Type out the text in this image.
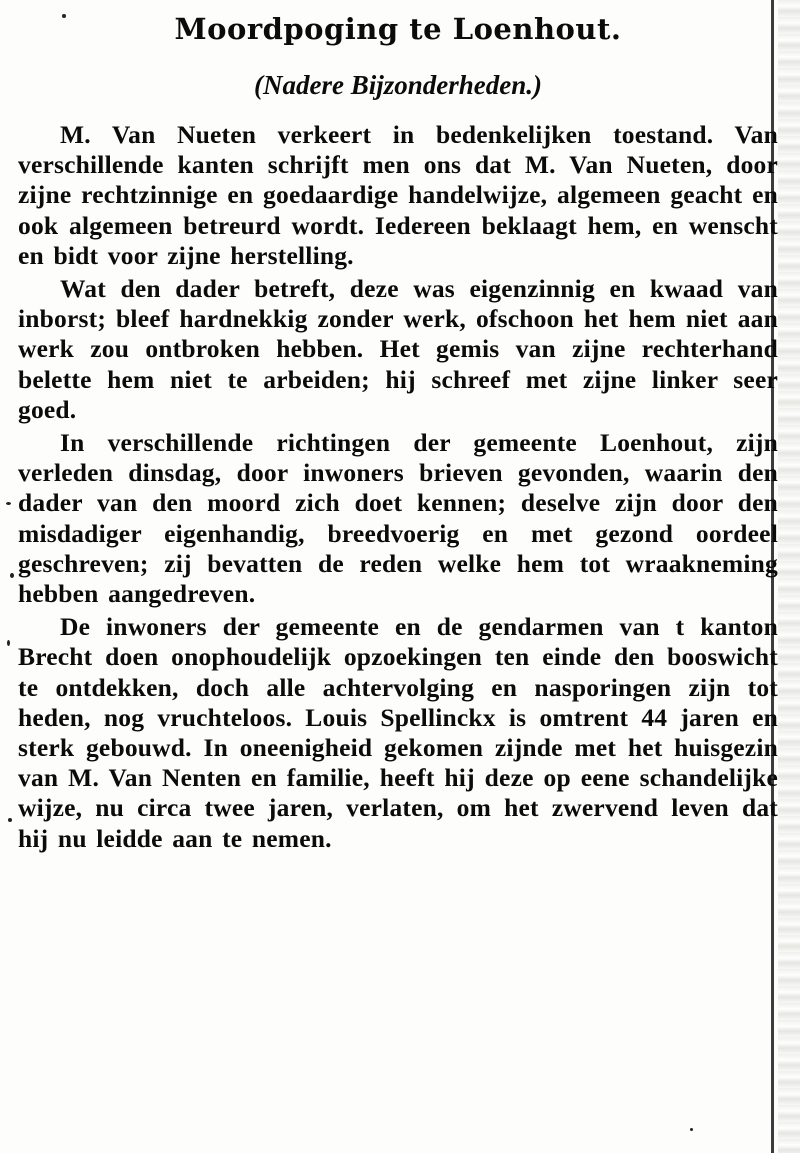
Moordpoging te Loenhout.
(Nadere Bijzonderheden.)

M. Van Nueten verkeert in bedenkelijken toestand. Van verschillende kanten schrijft men ons dat M. Van Nueten, door zijne rechtzinnige en goedaardige handelwijze, algemeen geacht en ook algemeen betreurd wordt. Iedereen beklaagt hem, en wenscht en bidt voor zijne herstelling.

Wat den dader betreft, deze was eigenzinnig en kwaad van inborst; bleef hardnekkig zonder werk, ofschoon het hem niet aan werk zou ontbroken hebben. Het gemis van zijne rechterhand belette hem niet te arbeiden; hij schreef met zijne linker seer goed.

In verschillende richtingen der gemeente Loenhout, zijn verleden dinsdag, door inwoners brieven gevonden, waarin den dader van den moord zich doet kennen; deselve zijn door den misdadiger eigenhandig, breedvoerig en met gezond oordeel geschreven; zij bevatten de reden welke hem tot wraakneming hebben aangedreven.

De inwoners der gemeente en de gendarmen van t kanton Brecht doen onophoudelijk opzoekingen ten einde den booswicht te ontdekken, doch alle achtervolging en nasporingen zijn tot heden, nog vruchteloos. Louis Spellinckx is omtrent 44 jaren en sterk gebouwd. In oneenigheid gekomen zijnde met het huisgezin van M. Van Nenten en familie, heeft hij deze op eene schandelijke wijze, nu circa twee jaren, verlaten, om het zwervend leven dat hij nu leidde aan te nemen.
